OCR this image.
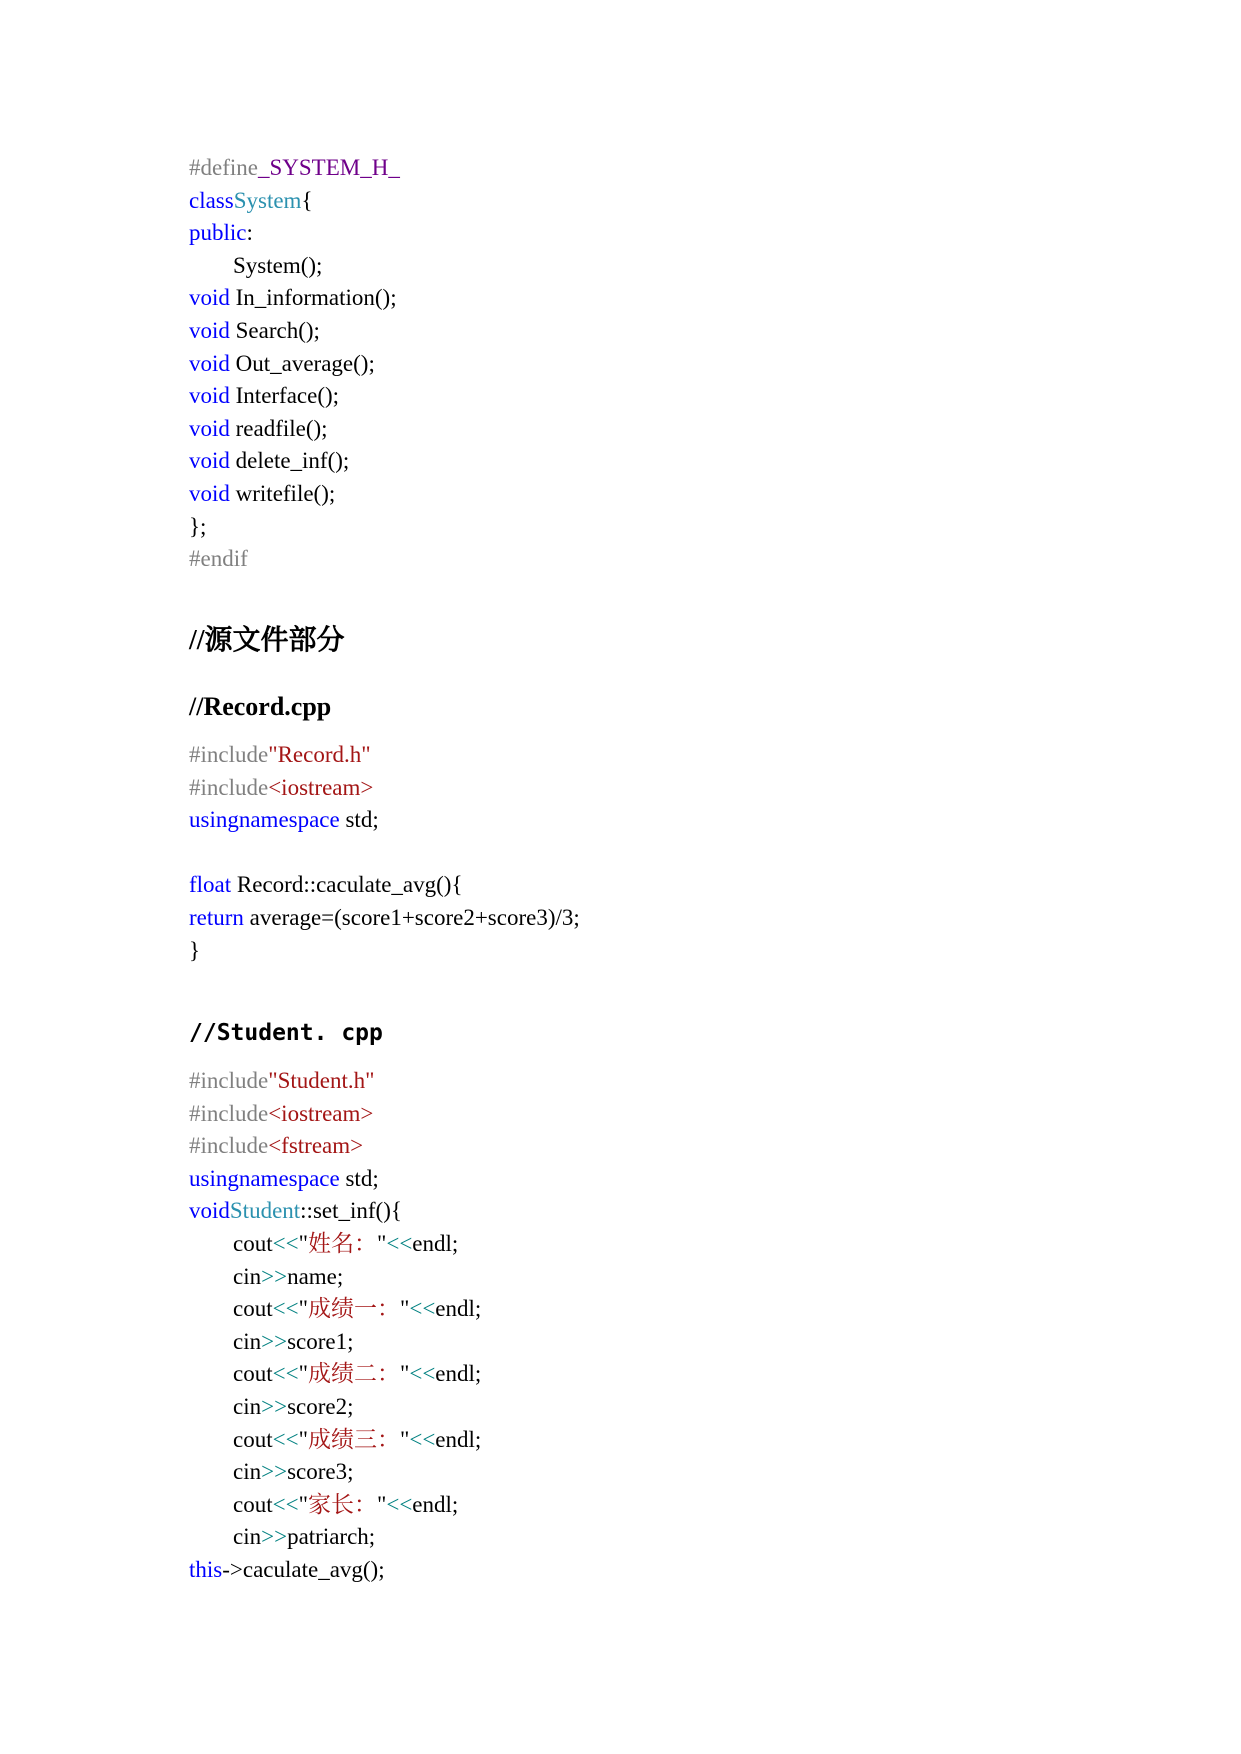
#define_SYSTEM_H_
classSystem{
public:
System();
void In_information();
void Search();
void Out_average();
void Interface();
void readfile();
void delete_inf();
void writefile();
};
#endif
//源文件部分
//Record.cpp
#include"Record.h"
#include<iostream>
usingnamespace std;
float Record::caculate_avg(){
return average=(score1+score2+score3)/3;
}
//Student. cpp
#include"Student.h"
#include<iostream>
#include<fstream>
usingnamespace std;
voidStudent::set_inf(){
cout<<"姓名："<<endl;
cin>>name;
cout<<"成绩一："<<endl;
cin>>score1;
cout<<"成绩二："<<endl;
cin>>score2;
cout<<"成绩三："<<endl;
cin>>score3;
cout<<"家长："<<endl;
cin>>patriarch;
this->caculate_avg();
